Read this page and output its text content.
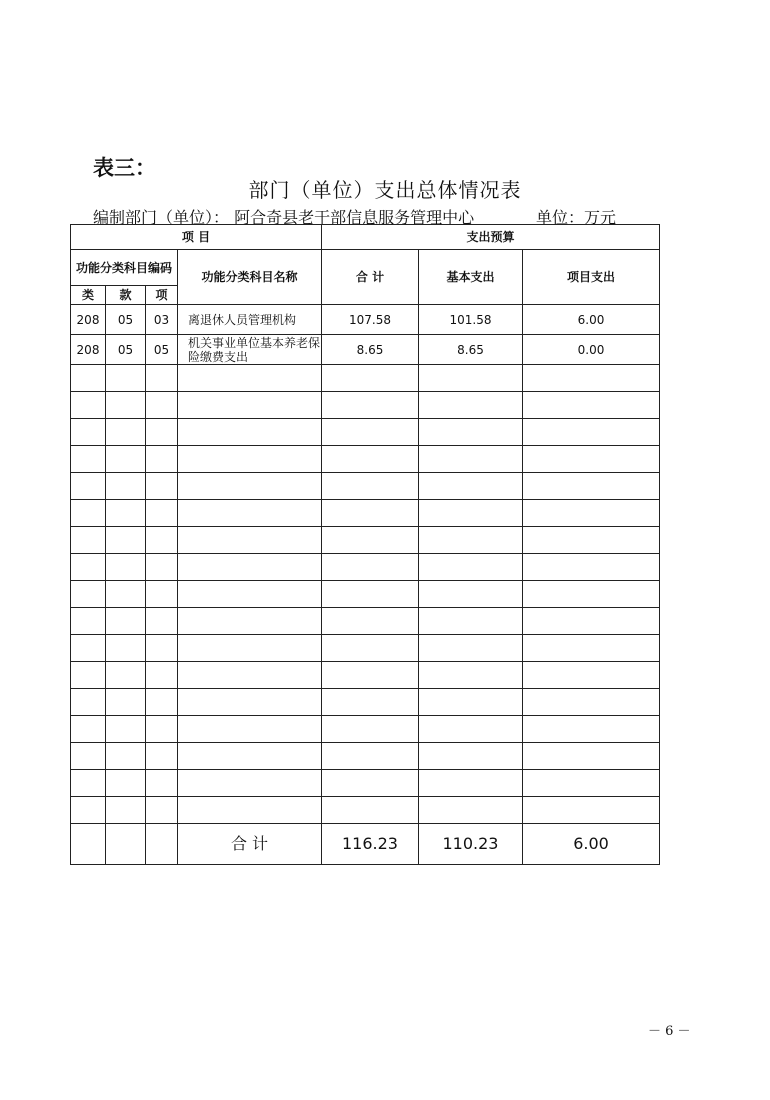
表三：
部门（单位）支出总体情况表
编制部门（单位）： 阿合奇县老干部信息服务管理中心	单位：万元
项 目				支出预算		
功能分类科目编码			功能分类科目名称	合 计	基本支出	项目支出
类	款	项				
208	05	03	离退休人员管理机构	107.58	101.58	6.00
208	05	05	机关事业单位基本养老保险缴费支出	8.65	8.65	0.00

			合 计	116.23	110.23	6.00
－ 6 －
